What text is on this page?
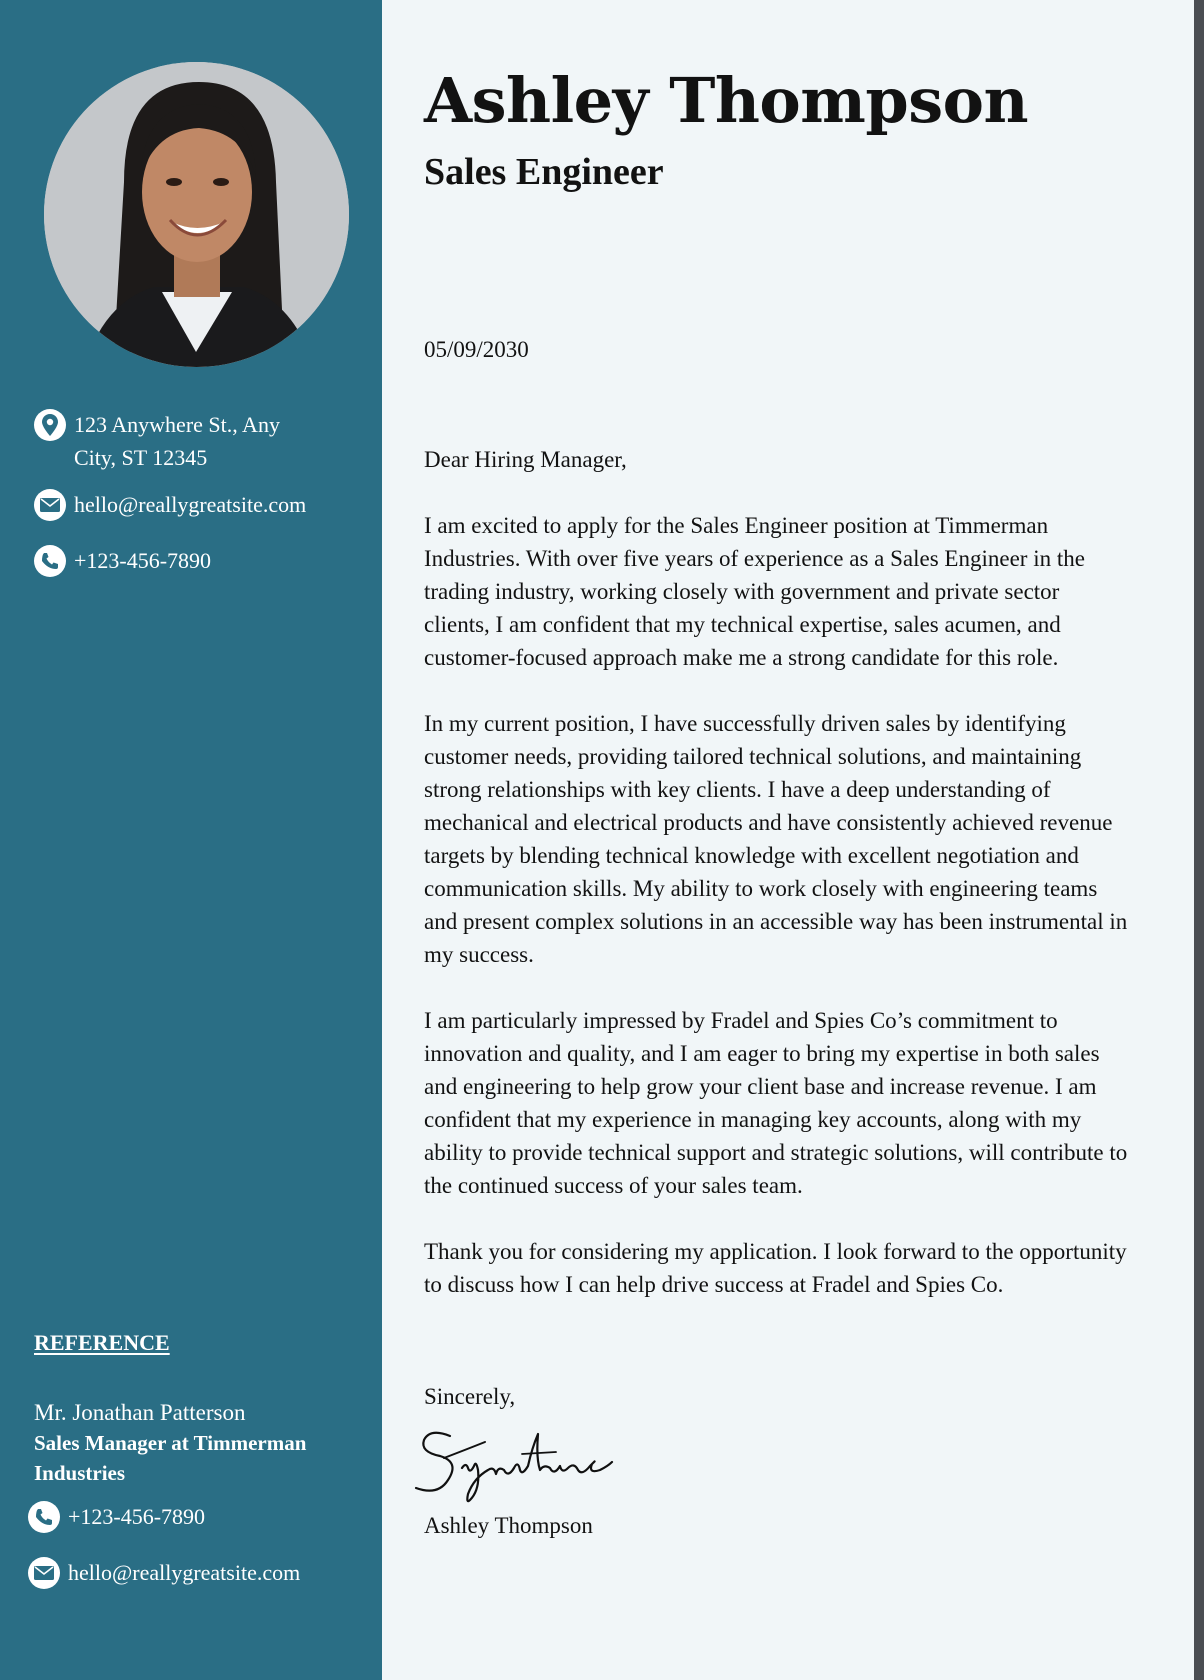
123 Anywhere St., Any City, ST 12345
hello@reallygreatsite.com
+123-456-7890
REFERENCE
Mr. Jonathan Patterson
Sales Manager at Timmerman Industries
+123-456-7890
hello@reallygreatsite.com
Ashley Thompson
Sales Engineer
05/09/2030

Dear Hiring Manager,

I am excited to apply for the Sales Engineer position at Timmerman Industries. With over five years of experience as a Sales Engineer in the trading industry, working closely with government and private sector clients, I am confident that my technical expertise, sales acumen, and customer-focused approach make me a strong candidate for this role.

In my current position, I have successfully driven sales by identifying customer needs, providing tailored technical solutions, and maintaining strong relationships with key clients. I have a deep understanding of mechanical and electrical products and have consistently achieved revenue targets by blending technical knowledge with excellent negotiation and communication skills. My ability to work closely with engineering teams and present complex solutions in an accessible way has been instrumental in my success.

I am particularly impressed by Fradel and Spies Co’s commitment to innovation and quality, and I am eager to bring my expertise in both sales and engineering to help grow your client base and increase revenue. I am confident that my experience in managing key accounts, along with my ability to provide technical support and strategic solutions, will contribute to the continued success of your sales team.

Thank you for considering my application. I look forward to the opportunity to discuss how I can help drive success at Fradel and Spies Co.

Sincerely,
Ashley Thompson
